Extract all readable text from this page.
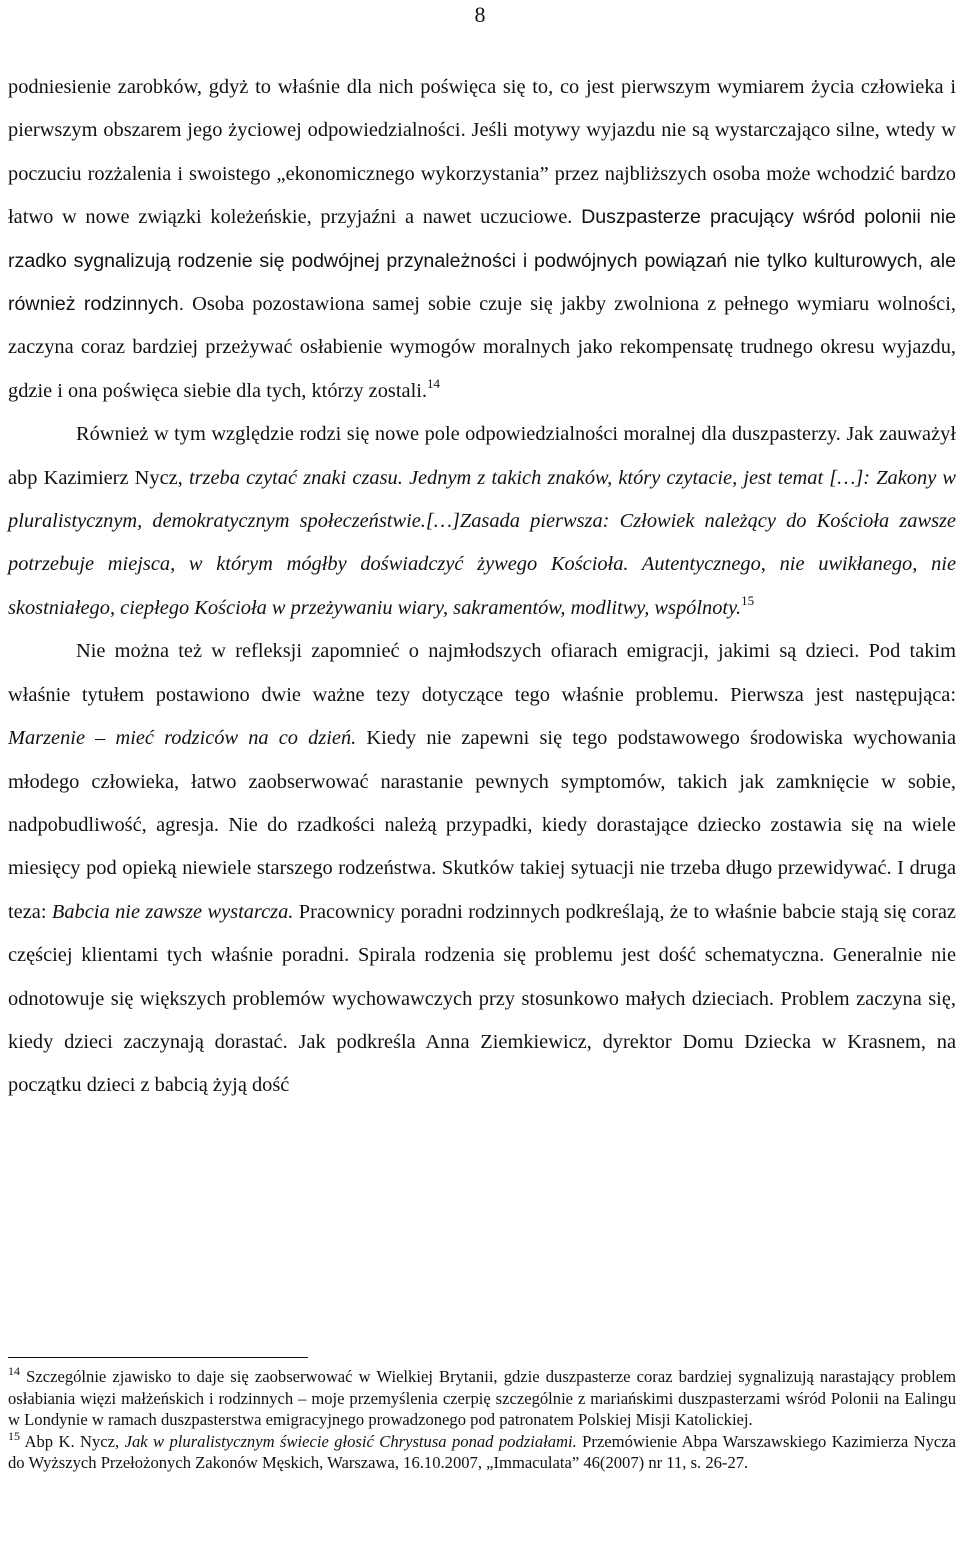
8

podniesienie zarobków, gdyż to właśnie dla nich poświęca się to, co jest pierwszym wymiarem życia człowieka i pierwszym obszarem jego życiowej odpowiedzialności. Jeśli motywy wyjazdu nie są wystarczająco silne, wtedy w poczuciu rozżalenia i swoistego „ekonomicznego wykorzystania” przez najbliższych osoba może wchodzić bardzo łatwo w nowe związki koleżeńskie, przyjaźni a nawet uczuciowe. Duszpasterze pracujący wśród polonii nie rzadko sygnalizują rodzenie się podwójnej przynależności i podwójnych powiązań nie tylko kulturowych, ale również rodzinnych. Osoba pozostawiona samej sobie czuje się jakby zwolniona z pełnego wymiaru wolności, zaczyna coraz bardziej przeżywać osłabienie wymogów moralnych jako rekompensatę trudnego okresu wyjazdu, gdzie i ona poświęca siebie dla tych, którzy zostali.$^{14}$

Również w tym względzie rodzi się nowe pole odpowiedzialności moralnej dla duszpasterzy. Jak zauważył abp Kazimierz Nycz, trzeba czytać znaki czasu. Jednym z takich znaków, który czytacie, jest temat […]: Zakony w pluralistycznym, demokratycznym społeczeństwie.[…]Zasada pierwsza: Człowiek należący do Kościoła zawsze potrzebuje miejsca, w którym mógłby doświadczyć żywego Kościoła. Autentycznego, nie uwikłanego, nie skostniałego, ciepłego Kościoła w przeżywaniu wiary, sakramentów, modlitwy, wspólnoty.$^{15}$

Nie można też w refleksji zapomnieć o najmłodszych ofiarach emigracji, jakimi są dzieci. Pod takim właśnie tytułem postawiono dwie ważne tezy dotyczące tego właśnie problemu. Pierwsza jest następująca: Marzenie – mieć rodziców na co dzień. Kiedy nie zapewni się tego podstawowego środowiska wychowania młodego człowieka, łatwo zaobserwować narastanie pewnych symptomów, takich jak zamknięcie w sobie, nadpobudliwość, agresja. Nie do rzadkości należą przypadki, kiedy dorastające dziecko zostawia się na wiele miesięcy pod opieką niewiele starszego rodzeństwa. Skutków takiej sytuacji nie trzeba długo przewidywać. I druga teza: Babcia nie zawsze wystarcza. Pracownicy poradni rodzinnych podkreślają, że to właśnie babcie stają się coraz częściej klientami tych właśnie poradni. Spirala rodzenia się problemu jest dość schematyczna. Generalnie nie odnotowuje się większych problemów wychowawczych przy stosunkowo małych dzieciach. Problem zaczyna się, kiedy dzieci zaczynają dorastać. Jak podkreśla Anna Ziemkiewicz, dyrektor Domu Dziecka w Krasnem, na początku dzieci z babcią żyją dość

$^{14}$ Szczególnie zjawisko to daje się zaobserwować w Wielkiej Brytanii, gdzie duszpasterze coraz bardziej sygnalizują narastający problem osłabiania więzi małżeńskich i rodzinnych – moje przemyślenia czerpię szczególnie z mariańskimi duszpasterzami wśród Polonii na Ealingu w Londynie w ramach duszpasterstwa emigracyjnego prowadzonego pod patronatem Polskiej Misji Katolickiej.

$^{15}$ Abp K. Nycz, Jak w pluralistycznym świecie głosić Chrystusa ponad podziałami. Przemówienie Abpa Warszawskiego Kazimierza Nycza do Wyższych Przełożonych Zakonów Męskich, Warszawa, 16.10.2007, „Immaculata” 46(2007) nr 11, s. 26-27.
